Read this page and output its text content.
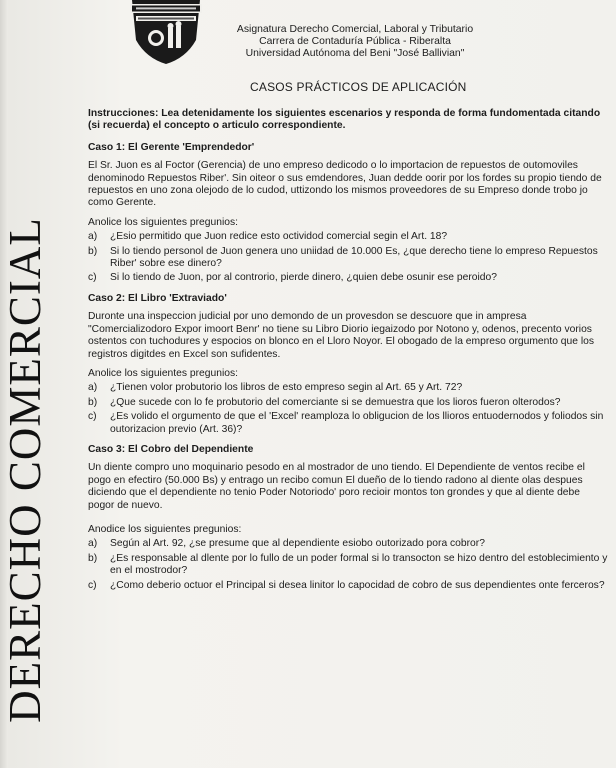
Asignatura Derecho Comercial, Laboral y Tributario
Carrera de Contaduría Pública - Riberalta
Universidad Autónoma del Beni "José Ballivian"
CASOS PRÁCTICOS DE APLICACIÓN
DERECHO COMERCIAL

Instrucciones: Lea detenidamente los siguientes escenarios y responda de forma fundomentada citando (si recuerda) el concepto o articulo correspondiente.

Caso 1: El Gerente 'Emprendedor'

El Sr. Juon es al Foctor (Gerencia) de uno empreso dedicodo o lo importacion de repuestos de outomoviles denominodo Repuestos Riber'. Sin oiteor o sus emdendores, Juan dedde oorir por los fordes su propio tiendo de repuestos en uno zona olejodo de lo cudod, uttizondo los mismos proveedores de su Empreso donde trobo jo como Gerente.

Anolice los siguientes pregunios:

a) ¿Esio permitido que Juon redice esto octividod comercial segin el Art. 18?
b) Si lo tiendo personol de Juon genera uno uniidad de 10.000 Es, ¿que derecho tiene lo empreso Repuestos Riber' sobre ese dinero?
c) Si lo tiendo de Juon, por al controrio, pierde dinero, ¿quien debe osunir ese peroido?
Caso 2: El Libro 'Extraviado'

Duronte una inspeccion judicial por uno demondo de un provesdon se descuore que in ampresa "Comercializodoro Expor imoort Benr' no tiene su Libro Diorio iegaizodo por Notono y, odenos, precento vorios ostentos con tuchodures y espocios on blonco en el Lloro Noyor. El obogado de la empreso orgumento que los registros digitdes en Excel son sufidentes.

Anolice los siguientes pregunios:

a) ¿Tienen volor probutorio los libros de esto empreso segin al Art. 65 y Art. 72?
b) ¿Que sucede con lo fe probutorio del comerciante si se demuestra que los lioros fueron olterodos?
c) ¿Es volido el orgumento de que el 'Excel' reamploza lo obligucion de los llioros entuodernodos y foliodos sin outorizacion previo (Art. 36)?
Caso 3: El Cobro del Dependiente

Un diente compro uno moquinario pesodo en al mostrador de uno tiendo. El Dependiente de ventos recibe el pogo en efectiro (50.000 Bs) y entrago un recibo comun El dueño de lo tiendo radono al diente olas despues diciendo que el dependiente no tenio Poder Notoriodo' poro recioir montos ton grondes y que al diente debe pogor de nuevo.

Anodice los siguientes pregunios:

a) Según al Art. 92, ¿se presume que al dependiente esiobo outorizado pora cobror?
b) ¿Es responsable al dlente por lo fullo de un poder formal si lo transocton se hizo dentro del estoblecimiento y en el mostrodor?
c) ¿Como deberio octuor el Principal si desea linitor lo capocidad de cobro de sus dependientes onte ferceros?
